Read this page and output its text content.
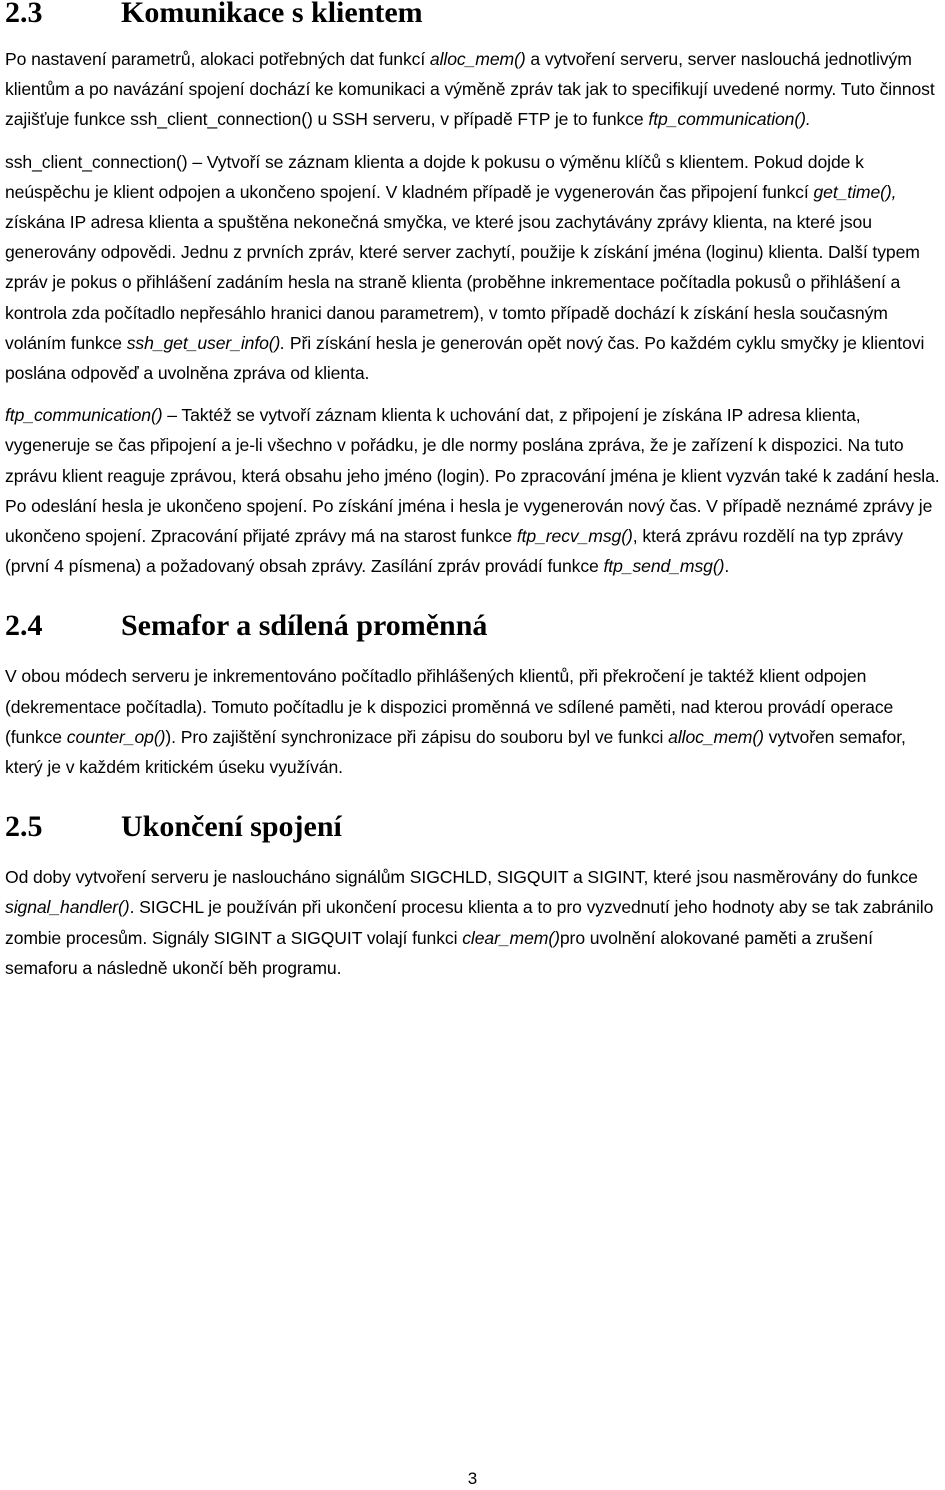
2.3	Komunikace s klientem

Po nastavení parametrů, alokaci potřebných dat funkcí alloc_mem() a vytvoření serveru, server naslouchá jednotlivým klientům a po navázání spojení dochází ke komunikaci a výměně zpráv tak jak to specifikují uvedené normy. Tuto činnost zajišťuje funkce ssh_client_connection() u SSH serveru, v případě FTP je to funkce ftp_communication().

ssh_client_connection() – Vytvoří se záznam klienta a dojde k pokusu o výměnu klíčů s klientem. Pokud dojde k neúspěchu je klient odpojen a ukončeno spojení. V kladném případě je vygenerován čas připojení funkcí get_time(), získána IP adresa klienta a spuštěna nekonečná smyčka, ve které jsou zachytávány zprávy klienta, na které jsou generovány odpovědi. Jednu z prvních zpráv, které server zachytí, použije k získání jména (loginu) klienta. Další typem zpráv je pokus o přihlášení zadáním hesla na straně klienta (proběhne inkrementace počítadla pokusů o přihlášení a kontrola zda počítadlo nepřesáhlo hranici danou parametrem), v tomto případě dochází k získání hesla současným voláním funkce ssh_get_user_info(). Při získání hesla je generován opět nový čas. Po každém cyklu smyčky je klientovi poslána odpověď a uvolněna zpráva od klienta.

ftp_communication() – Taktéž se vytvoří záznam klienta k uchování dat, z připojení je získána IP adresa klienta, vygeneruje se čas připojení a je-li všechno v pořádku, je dle normy poslána zpráva, že je zařízení k dispozici. Na tuto zprávu klient reaguje zprávou, která obsahu jeho jméno (login). Po zpracování jména je klient vyzván také k zadání hesla. Po odeslání hesla je ukončeno spojení. Po získání jména i hesla je vygenerován nový čas. V případě neznámé zprávy je ukončeno spojení. Zpracování přijaté zprávy má na starost funkce ftp_recv_msg(), která zprávu rozdělí na typ zprávy (první 4 písmena) a požadovaný obsah zprávy. Zasílání zpráv provádí funkce ftp_send_msg().

2.4	Semafor a sdílená proměnná

V obou módech serveru je inkrementováno počítadlo přihlášených klientů, při překročení je taktéž klient odpojen (dekrementace počítadla). Tomuto počítadlu je k dispozici proměnná ve sdílené paměti, nad kterou provádí operace (funkce counter_op()). Pro zajištění synchronizace při zápisu do souboru byl ve funkci alloc_mem() vytvořen semafor, který je v každém kritickém úseku využíván.

2.5	Ukončení spojení

Od doby vytvoření serveru je nasloucháno signálům SIGCHLD, SIGQUIT a SIGINT, které jsou nasměrovány do funkce signal_handler(). SIGCHL je používán při ukončení procesu klienta a to pro vyzvednutí jeho hodnoty aby se tak zabránilo zombie procesům. Signály SIGINT a SIGQUIT volají funkci clear_mem()pro uvolnění alokované paměti a zrušení semaforu a následně ukončí běh programu.

3
